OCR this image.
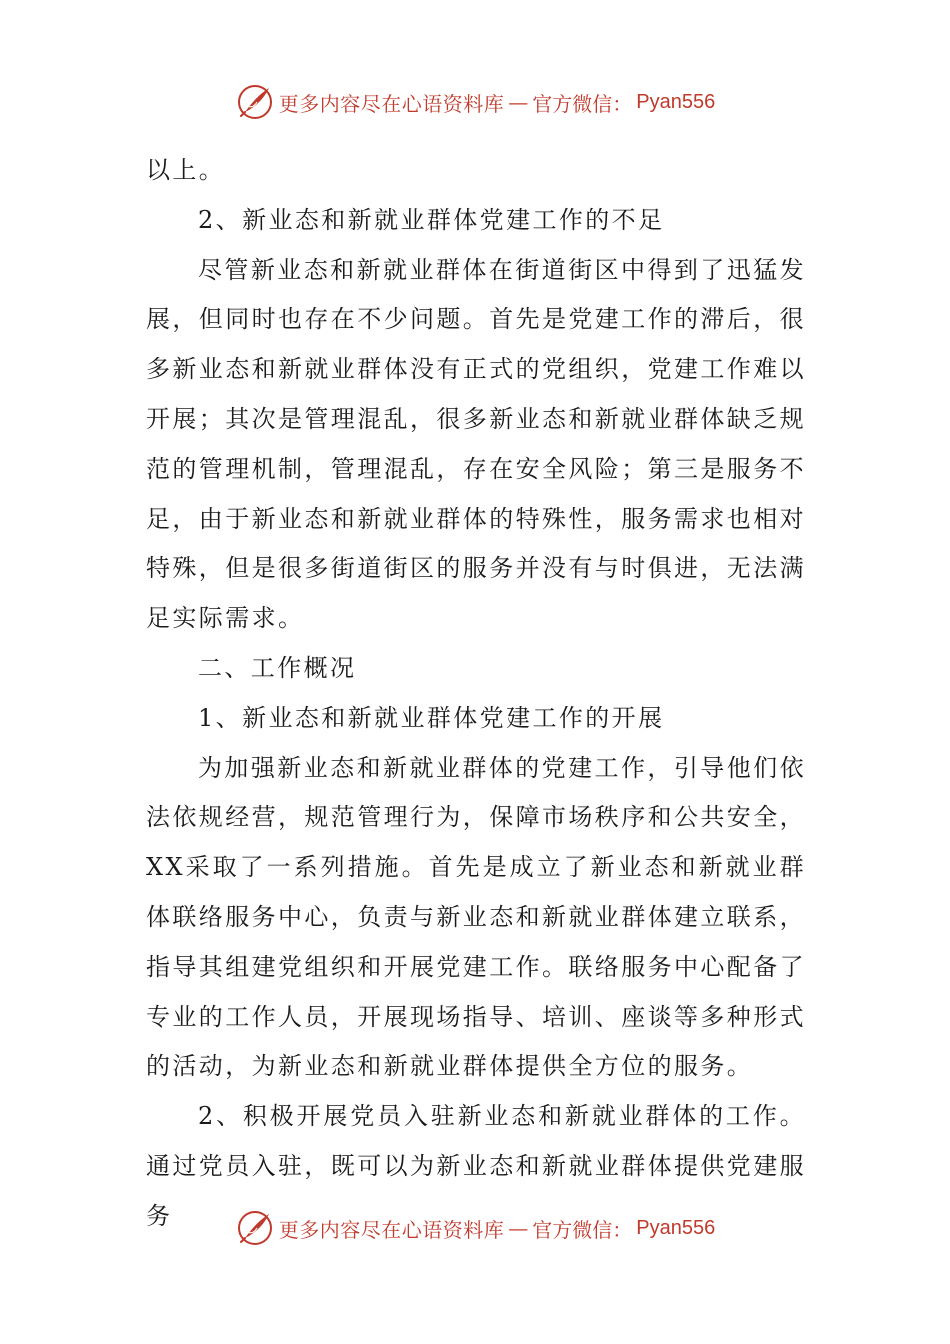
更多内容尽在心语资料库 — 官方微信： Pyan556

以上。

2、新业态和新就业群体党建工作的不足

尽管新业态和新就业群体在街道街区中得到了迅猛发展，但同时也存在不少问题。首先是党建工作的滞后，很多新业态和新就业群体没有正式的党组织，党建工作难以开展；其次是管理混乱，很多新业态和新就业群体缺乏规范的管理机制，管理混乱，存在安全风险；第三是服务不足，由于新业态和新就业群体的特殊性，服务需求也相对特殊，但是很多街道街区的服务并没有与时俱进，无法满足实际需求。

二、工作概况

1、新业态和新就业群体党建工作的开展

为加强新业态和新就业群体的党建工作，引导他们依法依规经营，规范管理行为，保障市场秩序和公共安全，XX采取了一系列措施。首先是成立了新业态和新就业群体联络服务中心，负责与新业态和新就业群体建立联系，指导其组建党组织和开展党建工作。联络服务中心配备了专业的工作人员，开展现场指导、培训、座谈等多种形式的活动，为新业态和新就业群体提供全方位的服务。

2、积极开展党员入驻新业态和新就业群体的工作。通过党员入驻，既可以为新业态和新就业群体提供党建服务	更多内容尽在心语资料库 — 官方微信： Pyan556
